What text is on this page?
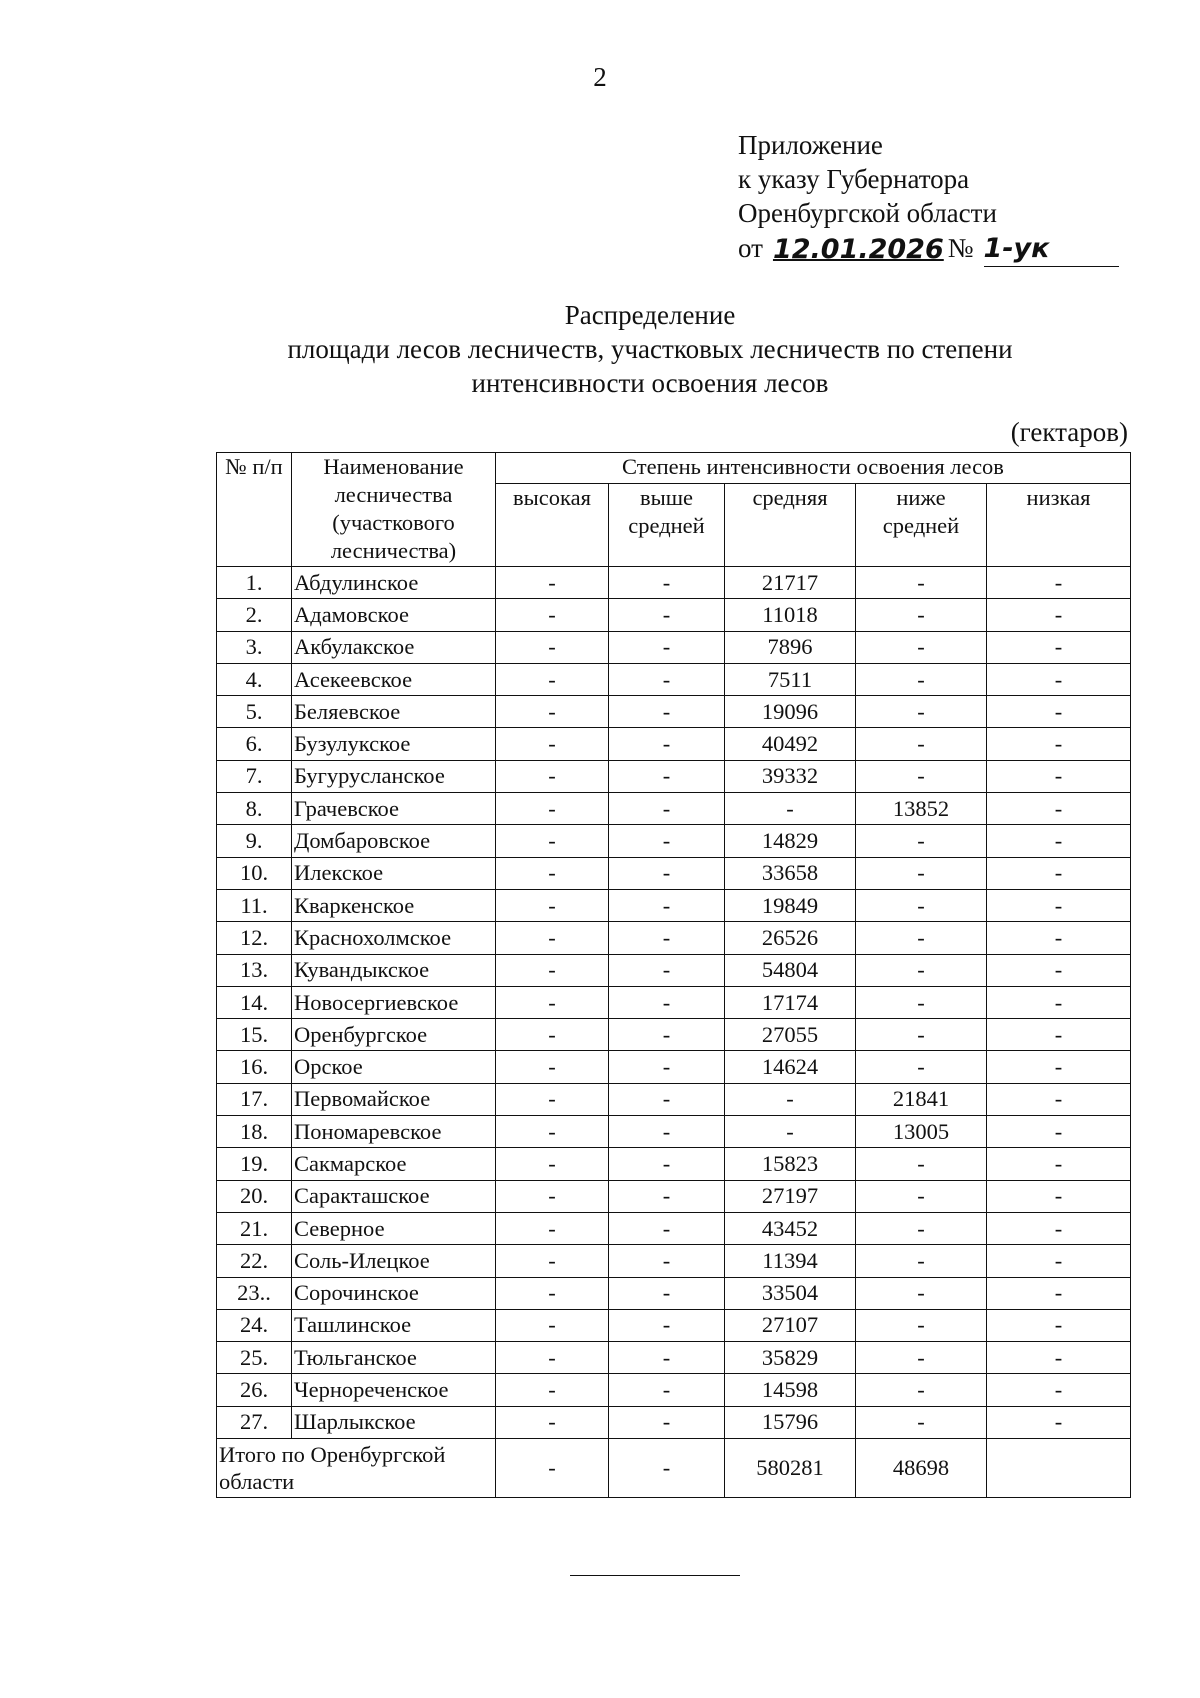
2
Приложение
к указу Губернатора
Оренбургской области
от 12.01.2026 № 1-ук
Распределение
площади лесов лесничеств, участковых лесничеств по степени
интенсивности освоения лесов
(гектаров)
№ п/п	Наименование лесничества (участкового лесничества)	Степень интенсивности освоения лесов				
		высокая	выше средней	средняя	ниже средней	низкая
1.	Абдулинское	-	-	21717	-	-
2.	Адамовское	-	-	11018	-	-
3.	Акбулакское	-	-	7896	-	-
4.	Асекеевское	-	-	7511	-	-
5.	Беляевское	-	-	19096	-	-
6.	Бузулукское	-	-	40492	-	-
7.	Бугурусланское	-	-	39332	-	-
8.	Грачевское	-	-	-	13852	-
9.	Домбаровское	-	-	14829	-	-
10.	Илекское	-	-	33658	-	-
11.	Кваркенское	-	-	19849	-	-
12.	Краснохолмское	-	-	26526	-	-
13.	Кувандыкское	-	-	54804	-	-
14.	Новосергиевское	-	-	17174	-	-
15.	Оренбургское	-	-	27055	-	-
16.	Орское	-	-	14624	-	-
17.	Первомайское	-	-	-	21841	-
18.	Пономаревское	-	-	-	13005	-
19.	Сакмарское	-	-	15823	-	-
20.	Саракташское	-	-	27197	-	-
21.	Северное	-	-	43452	-	-
22.	Соль-Илецкое	-	-	11394	-	-
23..	Сорочинское	-	-	33504	-	-
24.	Ташлинское	-	-	27107	-	-
25.	Тюльганское	-	-	35829	-	-
26.	Чернореченское	-	-	14598	-	-
27.	Шарлыкское	-	-	15796	-	-
Итого по Оренбургской области		-	-	580281	48698	
